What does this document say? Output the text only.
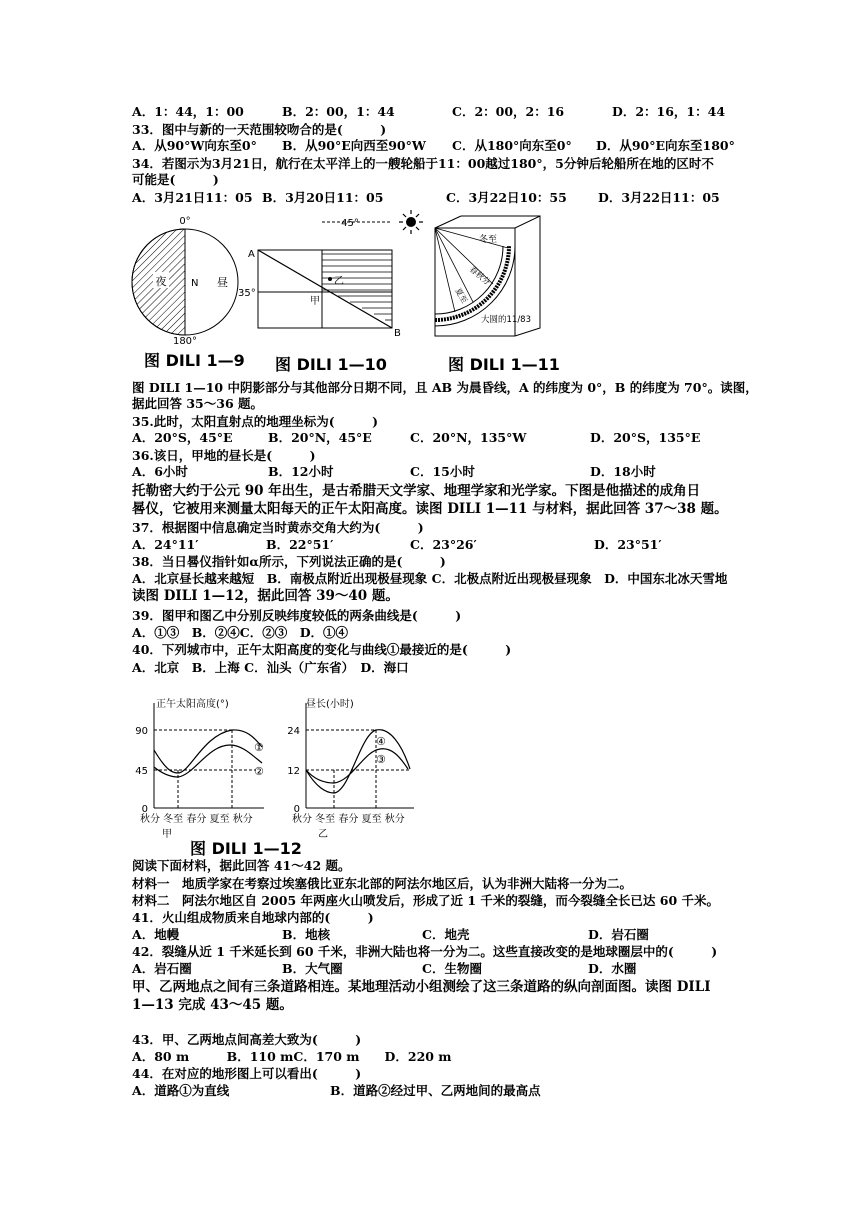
A．1：44，1：00	B．2：00，1：44	C．2：00，2：16	D．2：16，1：44
33．图中与新的一天范围较吻合的是(　　　)
A．从90°W向东至0° B．从90°E向西至90°W C．从180°向东至0° D．从90°E向东至180°
34．若图示为3月21日，航行在太平洋上的一艘轮船于11：00越过180°，5分钟后轮船所在地的区时不
可能是(　　　)
A．3月21日11：05 B．3月20日11：05	C．3月22日10：55 D．3月22日11：05
0°
夜 N 昼
180°
45°
A
B
35°
乙
甲
冬至
春秋分
夏至
大圆的11/83
图 DILI 1—9 图 DILI 1—10	图 DILI 1—11
图 DILI 1—10 中阴影部分与其他部分日期不同，且 AB 为晨昏线，A 的纬度为 0°，B 的纬度为 70°。读图，
据此回答 35～36 题。
35.此时，太阳直射点的地理坐标为(　　　)
A．20°S，45°E	B．20°N，45°E	C．20°N，135°W	D．20°S，135°E
36.该日，甲地的昼长是(　　　)
A．6小时	B．12小时	C．15小时	D．18小时
托勒密大约于公元 90 年出生，是古希腊天文学家、地理学家和光学家。下图是他描述的成角日
晷仪，它被用来测量太阳每天的正午太阳高度。读图 DILI 1—11 与材料，据此回答 37～38 题。
37．根据图中信息确定当时黄赤交角大约为(　　　)
A．24°11′	B．22°51′	C．23°26′	D．23°51′
38．当日晷仪指针如α所示，下列说法正确的是(　　　)
A．北京昼长越来越短　B．南极点附近出现极昼现象 C．北极点附近出现极昼现象　D．中国东北冰天雪地
读图 DILI 1—12，据此回答 39～40 题。
39．图甲和图乙中分别反映纬度较低的两条曲线是(　　　)
A．①③　B．②④C．②③　D．①④
40．下列城市中，正午太阳高度的变化与曲线①最接近的是(　　　)
A．北京　B．上海 C．汕头（广东省）　D．海口
正午太阳高度(°)
90
45
0
①
②
秋分 冬至 春分 夏至 秋分
甲
昼长(小时)
24
12
0
④
③
秋分 冬至 春分 夏至 秋分
乙
图 DILI 1—12
阅读下面材料，据此回答 41～42 题。
材料一　地质学家在考察过埃塞俄比亚东北部的阿法尔地区后，认为非洲大陆将一分为二。
材料二　阿法尔地区自 2005 年两座火山喷发后，形成了近 1 千米的裂缝，而今裂缝全长已达 60 千米。
41．火山组成物质来自地球内部的(　　　)
A．地幔	B．地核	C．地壳	D．岩石圈
42．裂缝从近 1 千米延长到 60 千米，非洲大陆也将一分为二。这些直接改变的是地球圈层中的(　　　)
A．岩石圈	B．大气圈	C．生物圈	D．水圈
甲、乙两地点之间有三条道路相连。某地理活动小组测绘了这三条道路的纵向剖面图。读图 DILI
1—13 完成 43～45 题。
43．甲、乙两地点间高差大致为(　　　)
A．80 m　　　B．110 mC．170 m　　D．220 m
44．在对应的地形图上可以看出(　　　)
A．道路①为直线	B．道路②经过甲、乙两地间的最高点
